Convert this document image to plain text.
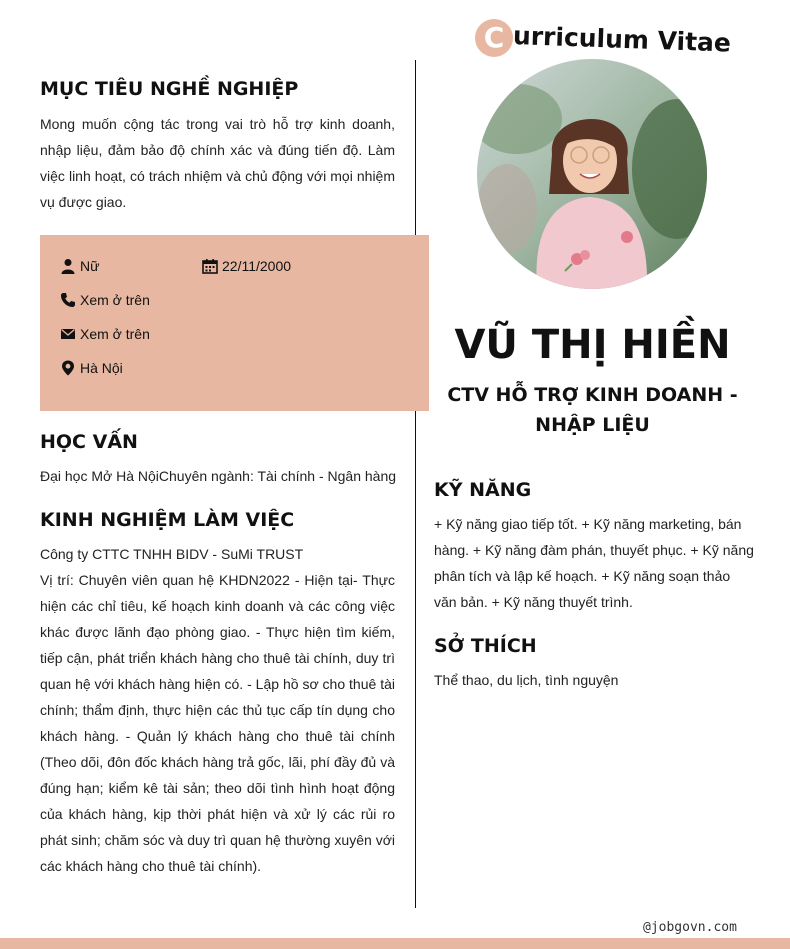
C urriculum Vitae
MỤC TIÊU NGHỀ NGHIỆP
Mong muốn cộng tác trong vai trò hỗ trợ kinh doanh, nhập liệu, đảm bảo độ chính xác và đúng tiến độ. Làm việc linh hoạt, có trách nhiệm và chủ động với mọi nhiệm vụ được giao.
Nữ	22/11/2000
Xem ở trên
Xem ở trên
Hà Nội
HỌC VẤN
Đại học Mở Hà NộiChuyên ngành: Tài chính - Ngân hàng
KINH NGHIỆM LÀM VIỆC
Công ty CTTC TNHH BIDV - SuMi TRUST
Vị trí: Chuyên viên quan hệ KHDN2022 - Hiện tại- Thực hiện các chỉ tiêu, kế hoạch kinh doanh và các công việc khác được lãnh đạo phòng giao. - Thực hiện tìm kiếm, tiếp cận, phát triển khách hàng cho thuê tài chính, duy trì quan hệ với khách hàng hiện có. - Lập hồ sơ cho thuê tài chính; thẩm định, thực hiện các thủ tục cấp tín dụng cho khách hàng. - Quản lý khách hàng cho thuê tài chính (Theo dõi, đôn đốc khách hàng trả gốc, lãi, phí đầy đủ và đúng hạn; kiểm kê tài sản; theo dõi tình hình hoạt động của khách hàng, kịp thời phát hiện và xử lý các rủi ro phát sinh; chăm sóc và duy trì quan hệ thường xuyên với các khách hàng cho thuê tài chính).
VŨ THỊ HIỀN
CTV HỖ TRỢ KINH DOANH - NHẬP LIỆU
KỸ NĂNG
+ Kỹ năng giao tiếp tốt. + Kỹ năng marketing, bán hàng. + Kỹ năng đàm phán, thuyết phục. + Kỹ năng phân tích và lập kế hoạch. + Kỹ năng soạn thảo văn bản. + Kỹ năng thuyết trình.
SỞ THÍCH
Thể thao, du lịch, tình nguyện
@jobgovn.com
